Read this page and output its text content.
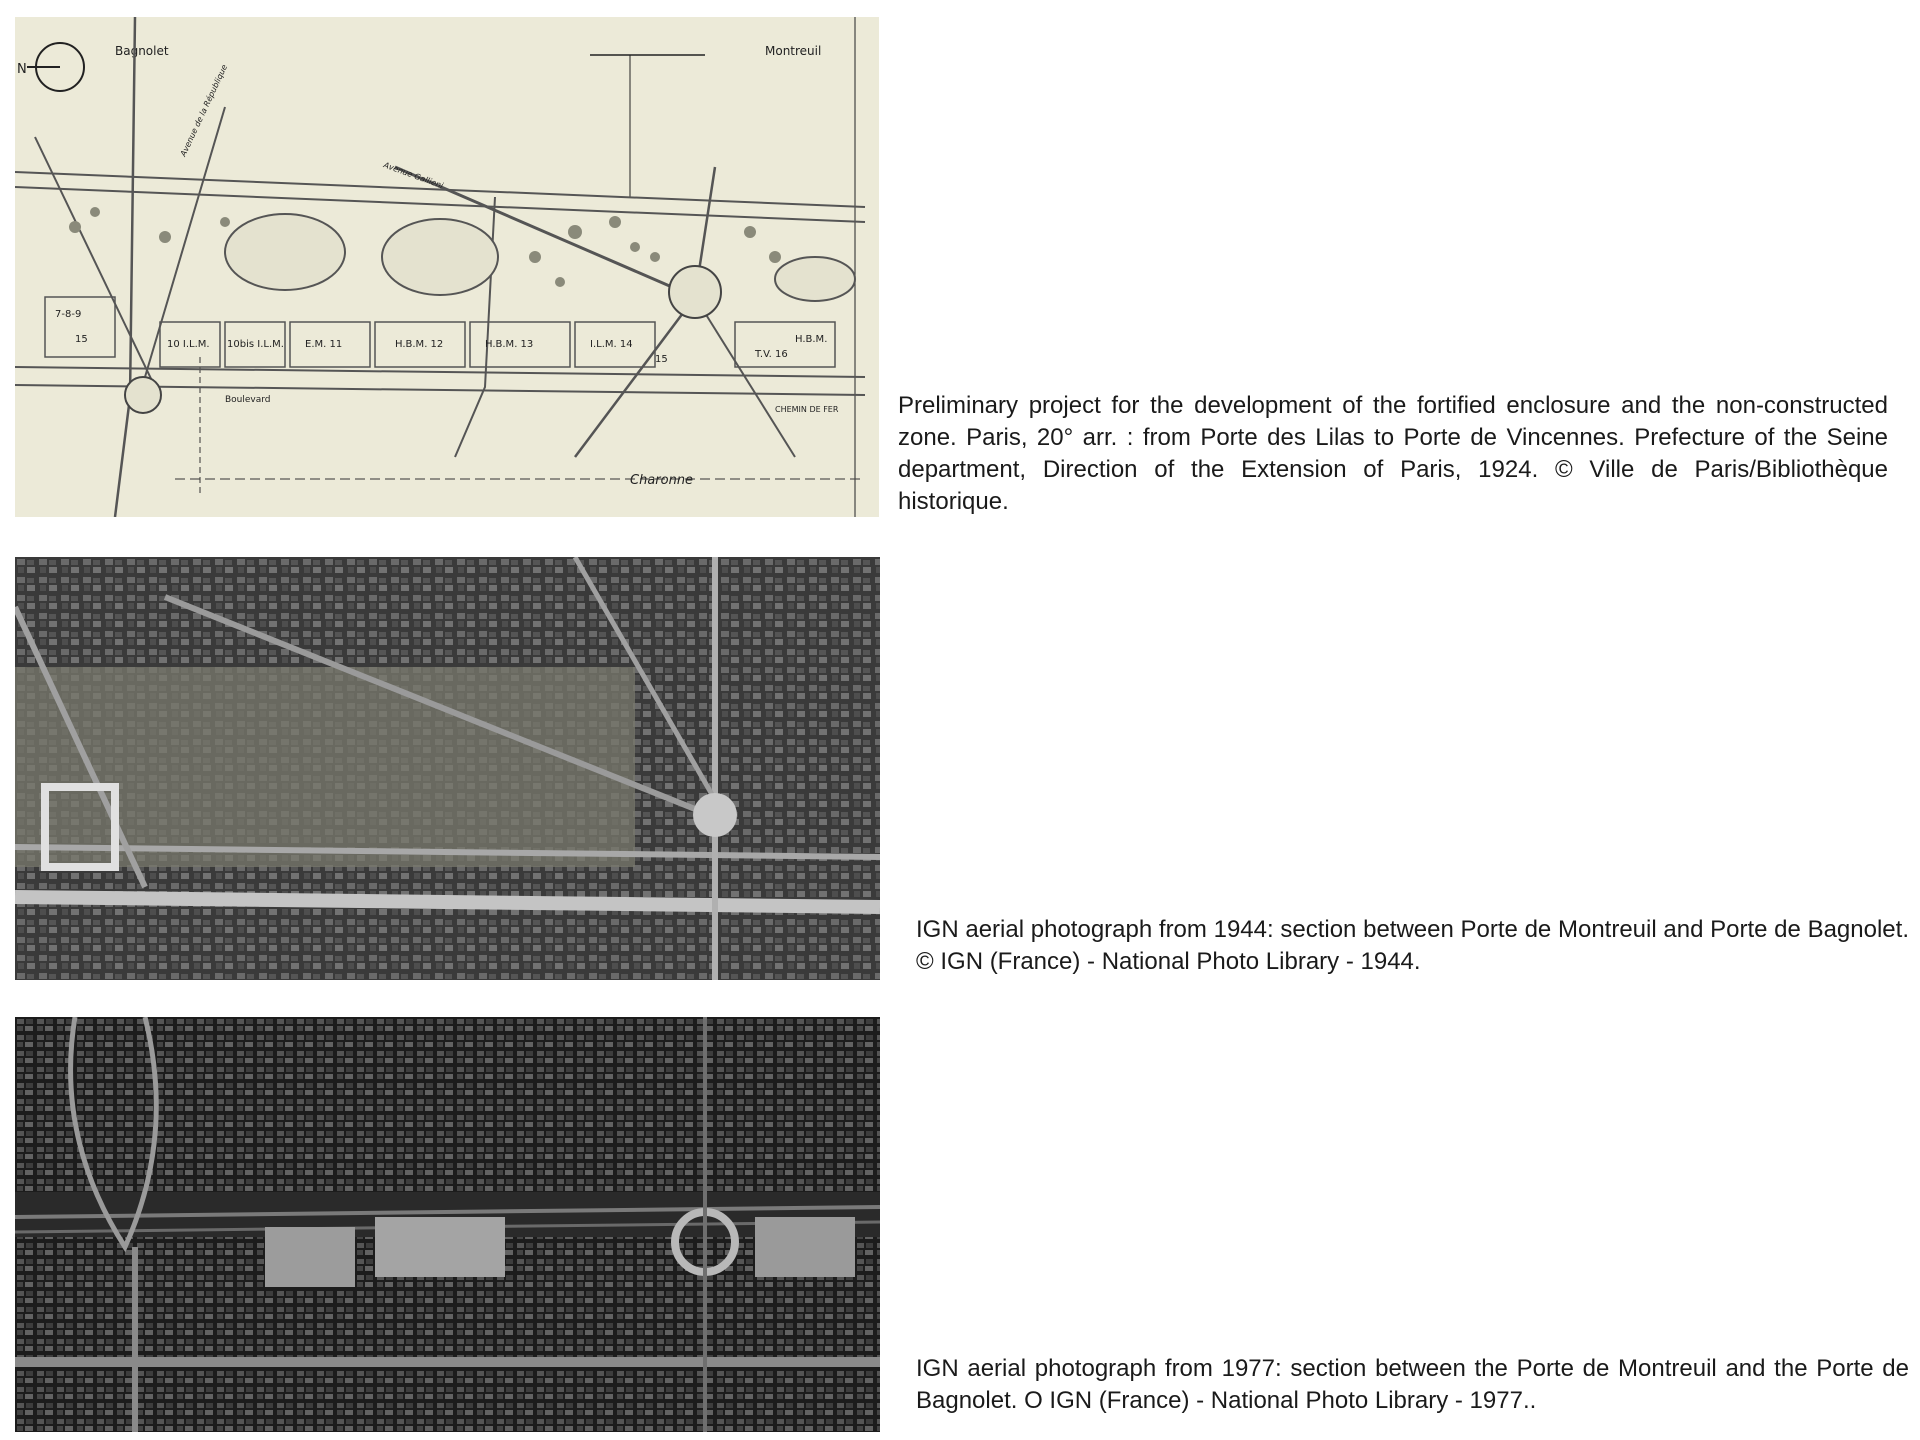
N
Bagnolet	Montreuil
Charonne
7-8-9
15	10 I.L.M. 10bis I.L.M. E.M. 11	H.B.M. 12	H.B.M. 13	I.L.M. 14
15	T.V. 16
H.B.M.
Boulevard
CHEMIN DE FER
Avenue Gallieni
Avenue de la République

Preliminary project for the development of the fortified enclosure and the non-constructed zone. Paris, 20° arr. : from Porte des Lilas to Porte de Vincennes. Prefecture of the Seine department, Direction of the Extension of Paris, 1924. © Ville de Paris/Bibliothèque historique.

IGN aerial photograph from 1944: section between Porte de Montreuil and Porte de Bagnolet. © IGN (France) - National Photo Library - 1944.

IGN aerial photograph from 1977: section between the Porte de Montreuil and the Porte de Bagnolet. O IGN (France) - National Photo Library - 1977..
